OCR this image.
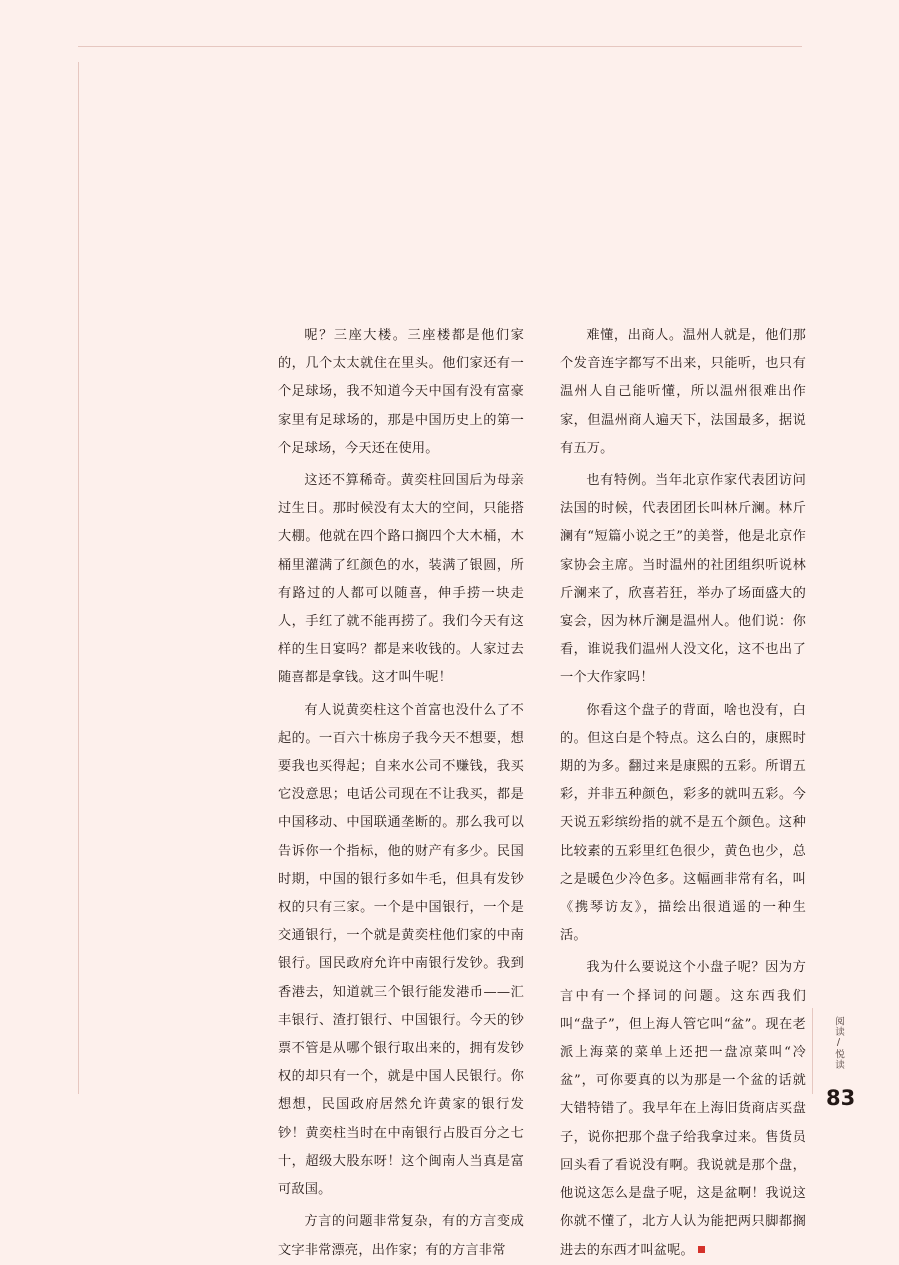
呢？三座大楼。三座楼都是他们家的，几个太太就住在里头。他们家还有一个足球场，我不知道今天中国有没有富豪家里有足球场的，那是中国历史上的第一个足球场，今天还在使用。

这还不算稀奇。黄奕柱回国后为母亲过生日。那时候没有太大的空间，只能搭大棚。他就在四个路口搁四个大木桶，木桶里灌满了红颜色的水，装满了银圆，所有路过的人都可以随喜，伸手捞一块走人，手红了就不能再捞了。我们今天有这样的生日宴吗？都是来收钱的。人家过去随喜都是拿钱。这才叫牛呢！

有人说黄奕柱这个首富也没什么了不起的。一百六十栋房子我今天不想要，想要我也买得起；自来水公司不赚钱，我买它没意思；电话公司现在不让我买，都是中国移动、中国联通垄断的。那么我可以告诉你一个指标，他的财产有多少。民国时期，中国的银行多如牛毛，但具有发钞权的只有三家。一个是中国银行，一个是交通银行，一个就是黄奕柱他们家的中南银行。国民政府允许中南银行发钞。我到香港去，知道就三个银行能发港币——汇丰银行、渣打银行、中国银行。今天的钞票不管是从哪个银行取出来的，拥有发钞权的却只有一个，就是中国人民银行。你想想，民国政府居然允许黄家的银行发钞！黄奕柱当时在中南银行占股百分之七十，超级大股东呀！这个闽南人当真是富可敌国。

方言的问题非常复杂，有的方言变成文字非常漂亮，出作家；有的方言非常

难懂，出商人。温州人就是，他们那个发音连字都写不出来，只能听，也只有温州人自己能听懂，所以温州很难出作家，但温州商人遍天下，法国最多，据说有五万。

也有特例。当年北京作家代表团访问法国的时候，代表团团长叫林斤澜。林斤澜有“短篇小说之王”的美誉，他是北京作家协会主席。当时温州的社团组织听说林斤澜来了，欣喜若狂，举办了场面盛大的宴会，因为林斤澜是温州人。他们说：你看，谁说我们温州人没文化，这不也出了一个大作家吗！

你看这个盘子的背面，啥也没有，白的。但这白是个特点。这么白的，康熙时期的为多。翻过来是康熙的五彩。所谓五彩，并非五种颜色，彩多的就叫五彩。今天说五彩缤纷指的就不是五个颜色。这种比较素的五彩里红色很少，黄色也少，总之是暖色少冷色多。这幅画非常有名，叫《携琴访友》，描绘出很逍遥的一种生活。

我为什么要说这个小盘子呢？因为方言中有一个择词的问题。这东西我们叫“盘子”，但上海人管它叫“盆”。现在老派上海菜的菜单上还把一盘凉菜叫“冷盆”，可你要真的以为那是一个盆的话就大错特错了。我早年在上海旧货商店买盘子，说你把那个盘子给我拿过来。售货员回头看了看说没有啊。我说就是那个盘，他说这怎么是盘子呢，这是盆啊！我说这你就不懂了，北方人认为能把两只脚都搁进去的东西才叫盆呢。

阅读/悦读
83
